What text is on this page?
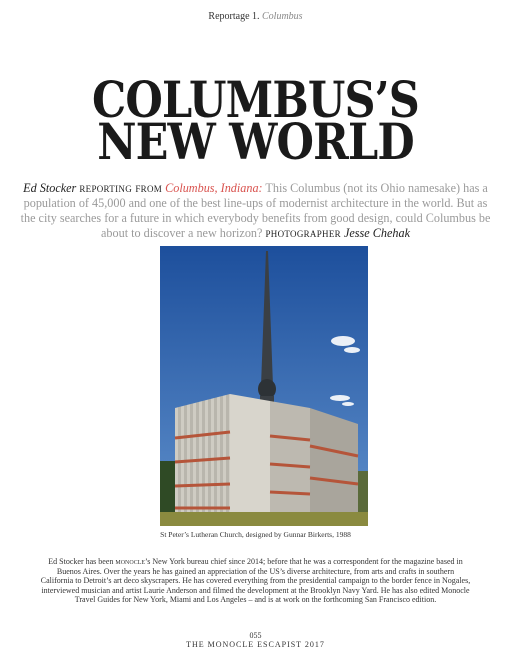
Reportage 1. Columbus
COLUMBUS’S
NEW WORLD
Ed Stocker reporting from Columbus, Indiana: This Columbus (not its Ohio namesake) has a population of 45,000 and one of the best line-ups of modernist architecture in the world. But as the city searches for a future in which everybody benefits from good design, could Columbus be about to discover a new horizon? photographer Jesse Chehak
St Peter’s Lutheran Church, designed by Gunnar Birkerts, 1988
Ed Stocker has been monocle’s New York bureau chief since 2014; before that he was a correspondent for the magazine based in Buenos Aires. Over the years he has gained an appreciation of the US’s diverse architecture, from arts and crafts in southern California to Detroit’s art deco skyscrapers. He has covered everything from the presidential campaign to the border fence in Nogales, interviewed musician and artist Laurie Anderson and filmed the development at the Brooklyn Navy Yard. He has also edited Monocle Travel Guides for New York, Miami and Los Angeles – and is at work on the forthcoming San Francisco edition.
055
THE MONOCLE ESCAPIST 2017
